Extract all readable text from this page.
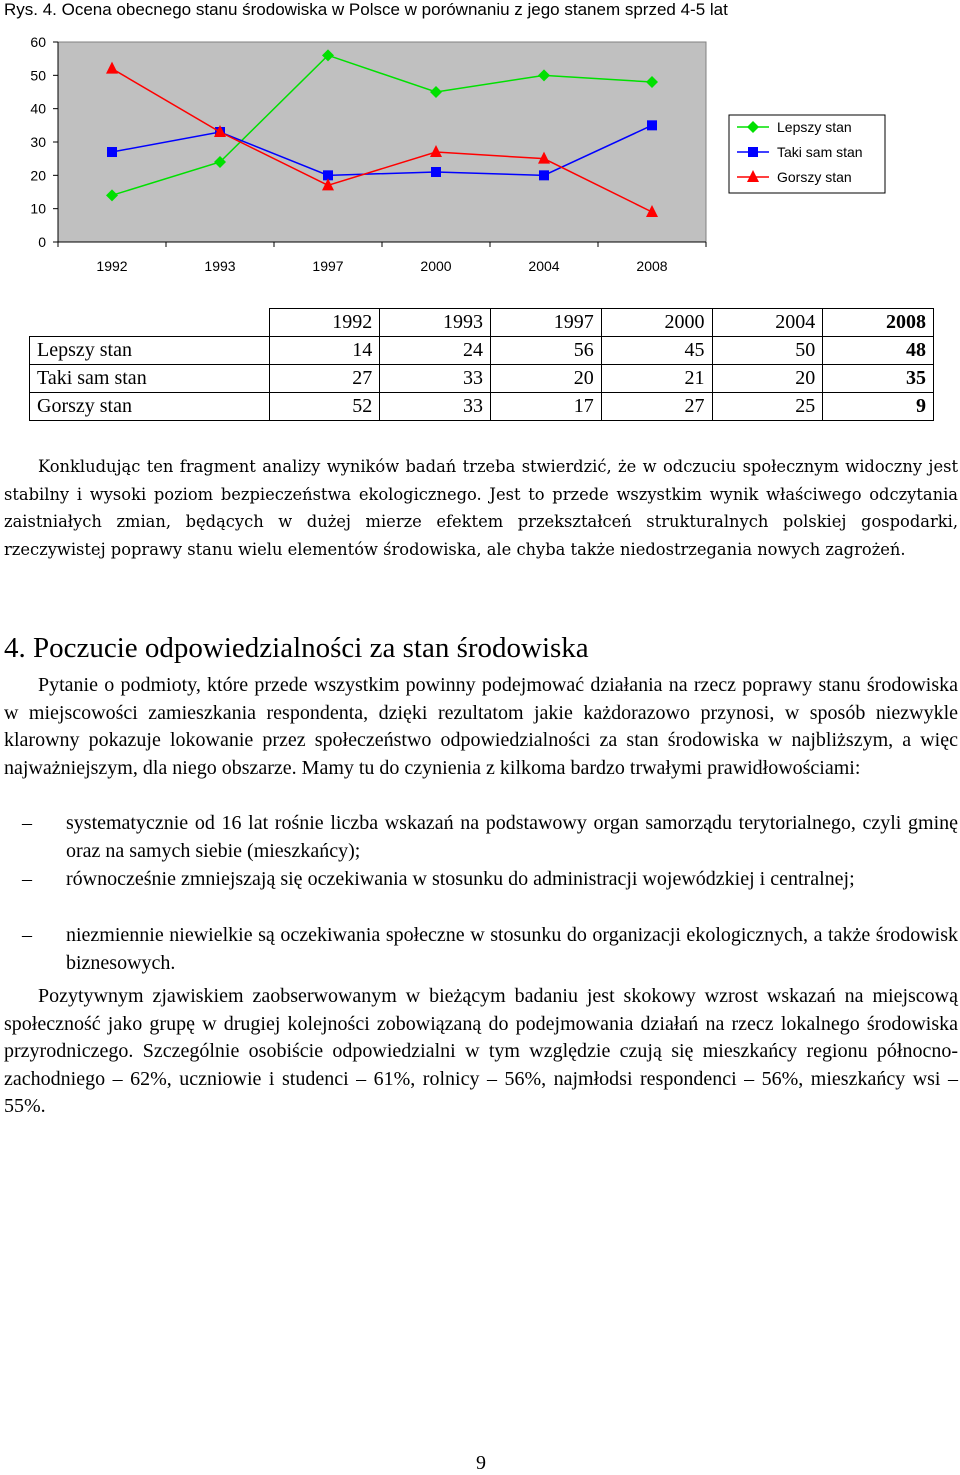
Rys. 4. Ocena obecnego stanu środowiska w Polsce w porównaniu z jego stanem sprzed 4-5 lat
0
10
20
30
40
50
60
1992	1993	1997	2000	2004	2008
Lepszy stan
Taki sam stan
Gorszy stan
	1992	1993	1997	2000	2004	2008
Lepszy stan	14	24	56	45	50	48
Taki sam stan	27	33	20	21	20	35
Gorszy stan	52	33	17	27	25	9
Konkludując ten fragment analizy wyników badań trzeba stwierdzić, że w odczuciu społecznym widoczny jest stabilny i wysoki poziom bezpieczeństwa ekologicznego. Jest to przede wszystkim wynik właściwego odczytania zaistniałych zmian, będących w dużej mierze efektem przekształceń strukturalnych polskiej gospodarki, rzeczywistej poprawy stanu wielu elementów środowiska, ale chyba także niedostrzegania nowych zagrożeń.
4. Poczucie odpowiedzialności za stan środowiska
Pytanie o podmioty, które przede wszystkim powinny podejmować działania na rzecz poprawy stanu środowiska w miejscowości zamieszkania respondenta, dzięki rezultatom jakie każdorazowo przynosi, w sposób niezwykle klarowny pokazuje lokowanie przez społeczeństwo odpowiedzialności za stan środowiska w najbliższym, a więc najważniejszym, dla niego obszarze. Mamy tu do czynienia z kilkoma bardzo trwałymi prawidłowościami:
– systematycznie od 16 lat rośnie liczba wskazań na podstawowy organ samorządu terytorialnego, czyli gminę oraz na samych siebie (mieszkańcy);
– równocześnie zmniejszają się oczekiwania w stosunku do administracji wojewódzkiej i centralnej;
– niezmiennie niewielkie są oczekiwania społeczne w stosunku do organizacji ekologicznych, a także środowisk biznesowych.
Pozytywnym zjawiskiem zaobserwowanym w bieżącym badaniu jest skokowy wzrost wskazań na miejscową społeczność jako grupę w drugiej kolejności zobowiązaną do podejmowania działań na rzecz lokalnego środowiska przyrodniczego. Szczególnie osobiście odpowiedzialni w tym względzie czują się mieszkańcy regionu północno-zachodniego – 62%, uczniowie i studenci – 61%, rolnicy – 56%, najmłodsi respondenci – 56%, mieszkańcy wsi – 55%.
9
